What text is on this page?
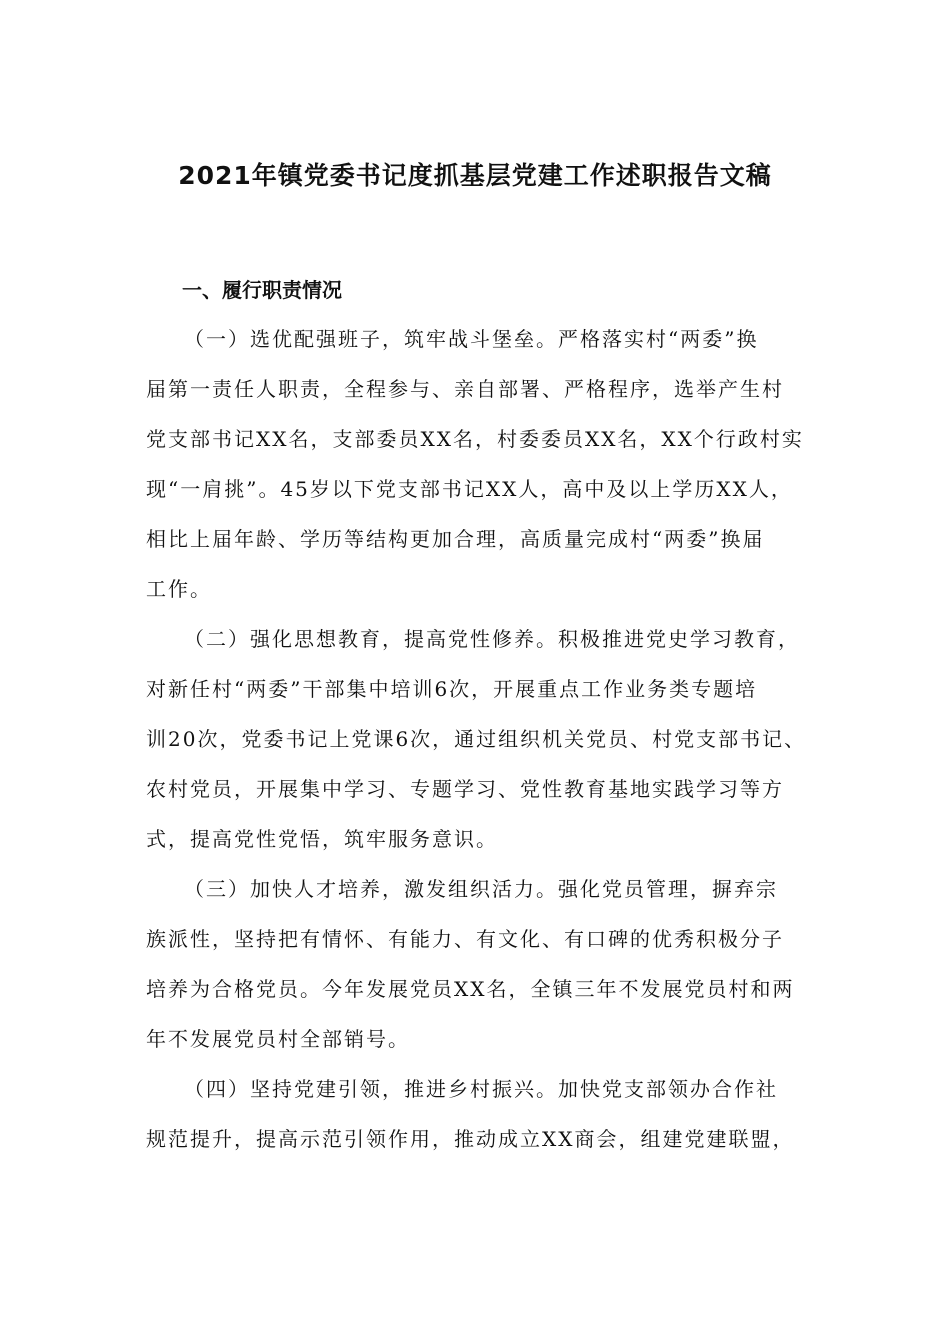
2021年镇党委书记度抓基层党建工作述职报告文稿
一、履行职责情况
（一）选优配强班子，筑牢战斗堡垒。严格落实村“两委”换
届第一责任人职责，全程参与、亲自部署、严格程序，选举产生村
党支部书记XX名，支部委员XX名，村委委员XX名，XX个行政村实
现“一肩挑”。45岁以下党支部书记XX人，高中及以上学历XX人，
相比上届年龄、学历等结构更加合理，高质量完成村“两委”换届
工作。
（二）强化思想教育，提高党性修养。积极推进党史学习教育，
对新任村“两委”干部集中培训6次，开展重点工作业务类专题培
训20次，党委书记上党课6次，通过组织机关党员、村党支部书记、
农村党员，开展集中学习、专题学习、党性教育基地实践学习等方
式，提高党性党悟，筑牢服务意识。
（三）加快人才培养，激发组织活力。强化党员管理，摒弃宗
族派性，坚持把有情怀、有能力、有文化、有口碑的优秀积极分子
培养为合格党员。今年发展党员XX名，全镇三年不发展党员村和两
年不发展党员村全部销号。
（四）坚持党建引领，推进乡村振兴。加快党支部领办合作社
规范提升，提高示范引领作用，推动成立XX商会，组建党建联盟，
